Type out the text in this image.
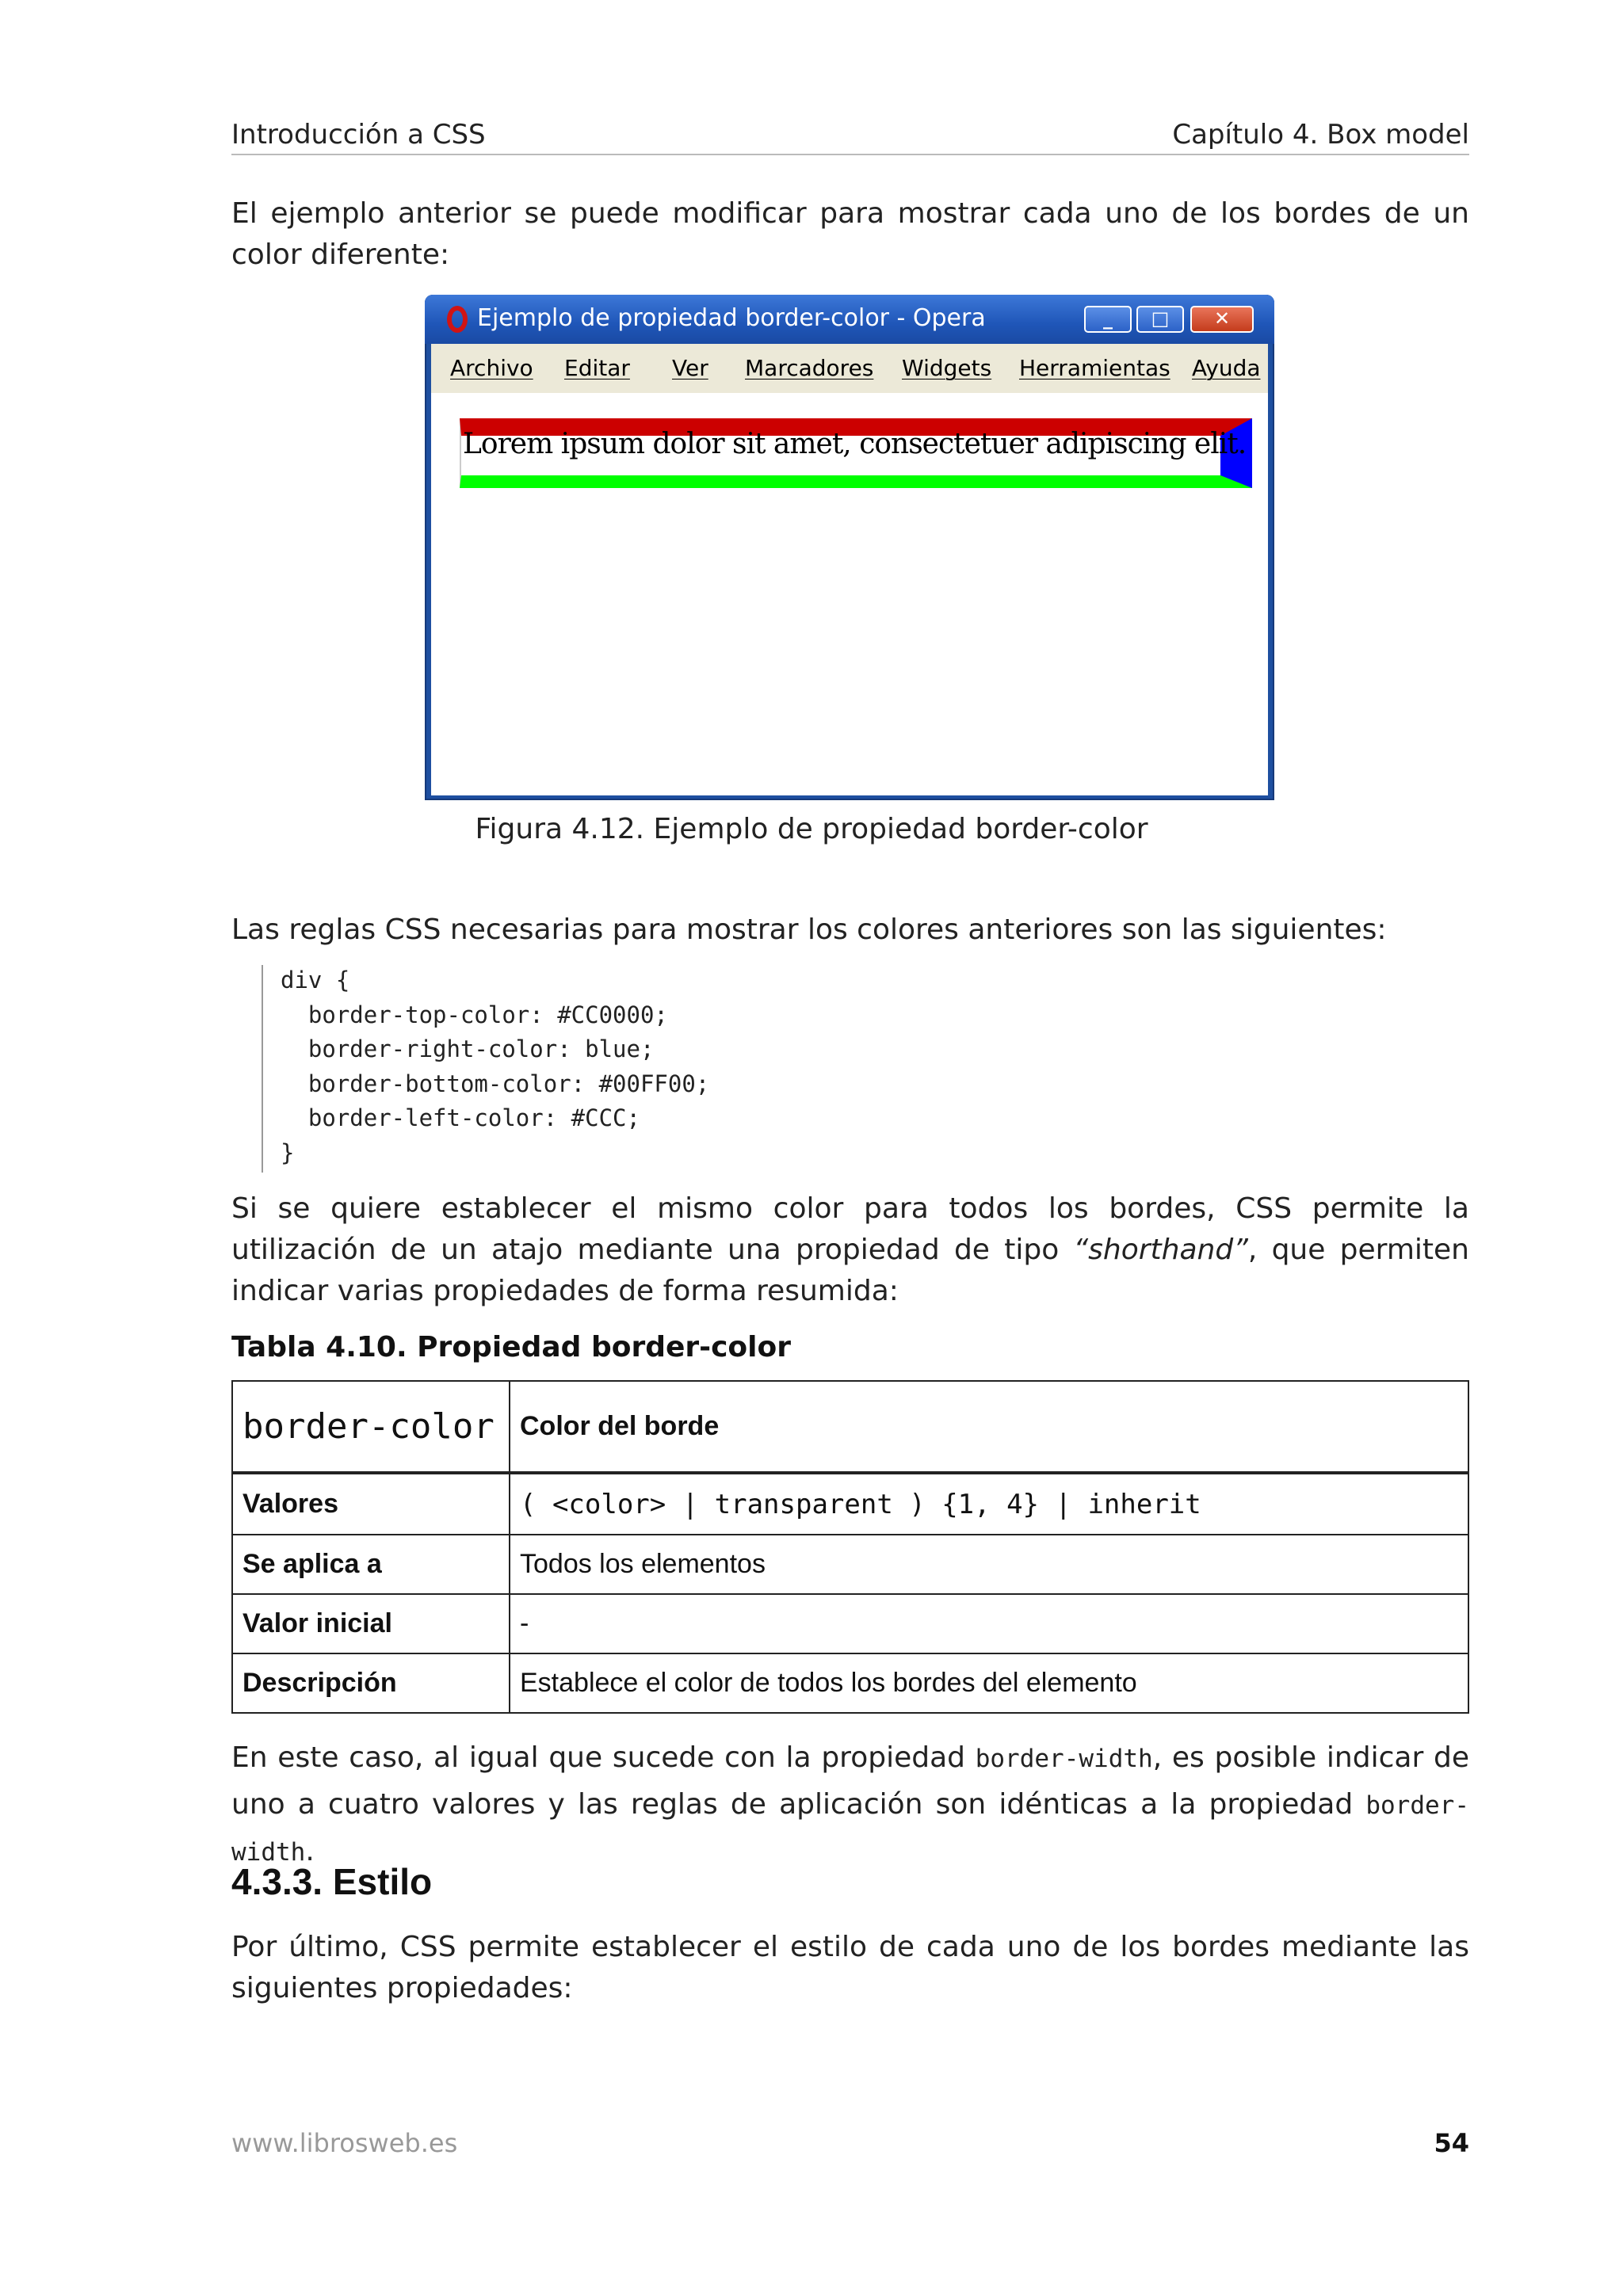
Introducción a CSS	Capítulo 4. Box model

El ejemplo anterior se puede modificar para mostrar cada uno de los bordes de un color diferente:

Ejemplo de propiedad border-color - Opera	_	□	✕
Archivo Editar Ver Marcadores Widgets Herramientas Ayuda
Lorem ipsum dolor sit amet, consectetuer adipiscing elit.
Figura 4.12. Ejemplo de propiedad border-color

Las reglas CSS necesarias para mostrar los colores anteriores son las siguientes:

div {
border-top-color: #CC0000;
border-right-color: blue;
border-bottom-color: #00FF00;
border-left-color: #CCC;
}

Si se quiere establecer el mismo color para todos los bordes, CSS permite la utilización de un atajo mediante una propiedad de tipo “shorthand”, que permiten indicar varias propiedades de forma resumida:

Tabla 4.10. Propiedad border-color
border-color	Color del borde
Valores	( <color> | transparent ) {1, 4} | inherit
Se aplica a	Todos los elementos
Valor inicial	-
Descripción	Establece el color de todos los bordes del elemento

En este caso, al igual que sucede con la propiedad border-width, es posible indicar de uno a cuatro valores y las reglas de aplicación son idénticas a la propiedad border-width.

4.3.3. Estilo

Por último, CSS permite establecer el estilo de cada uno de los bordes mediante las siguientes propiedades:

www.librosweb.es	54
